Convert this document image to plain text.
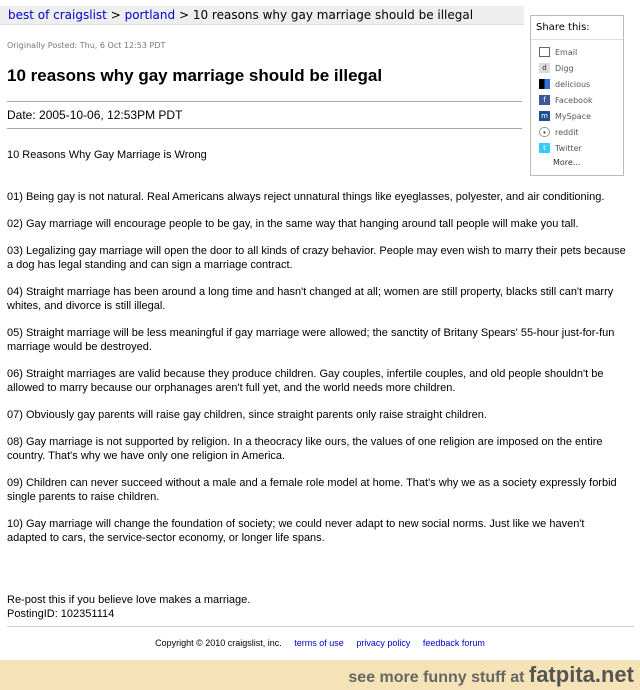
best of craigslist > portland > 10 reasons why gay marriage should be illegal
Originally Posted: Thu, 6 Oct 12:53 PDT
10 reasons why gay marriage should be illegal
Date: 2005-10-06, 12:53PM PDT
10 Reasons Why Gay Marriage is Wrong

01) Being gay is not natural. Real Americans always reject unnatural things like eyeglasses, polyester, and air conditioning.

02) Gay marriage will encourage people to be gay, in the same way that hanging around tall people will make you tall.

03) Legalizing gay marriage will open the door to all kinds of crazy behavior. People may even wish to marry their pets because a dog has legal standing and can sign a marriage contract.

04) Straight marriage has been around a long time and hasn't changed at all; women are still property, blacks still can't marry whites, and divorce is still illegal.

05) Straight marriage will be less meaningful if gay marriage were allowed; the sanctity of Britany Spears' 55-hour just-for-fun marriage would be destroyed.

06) Straight marriages are valid because they produce children. Gay couples, infertile couples, and old people shouldn't be allowed to marry because our orphanages aren't full yet, and the world needs more children.

07) Obviously gay parents will raise gay children, since straight parents only raise straight children.

08) Gay marriage is not supported by religion. In a theocracy like ours, the values of one religion are imposed on the entire country. That's why we have only one religion in America.

09) Children can never succeed without a male and a female role model at home. That's why we as a society expressly forbid single parents to raise children.

10) Gay marriage will change the foundation of society; we could never adapt to new social norms. Just like we haven't adapted to cars, the service-sector economy, or longer life spans.

Re-post this if you believe love makes a marriage.
PostingID: 102351114
Copyright © 2010 craigslist, inc. terms of use privacy policy feedback forum
Share this:
Email
d	Digg
delicious
f	Facebook
m MySpace
•	reddit
t	Twitter
More...
see more funny stuff at fatpita.net
